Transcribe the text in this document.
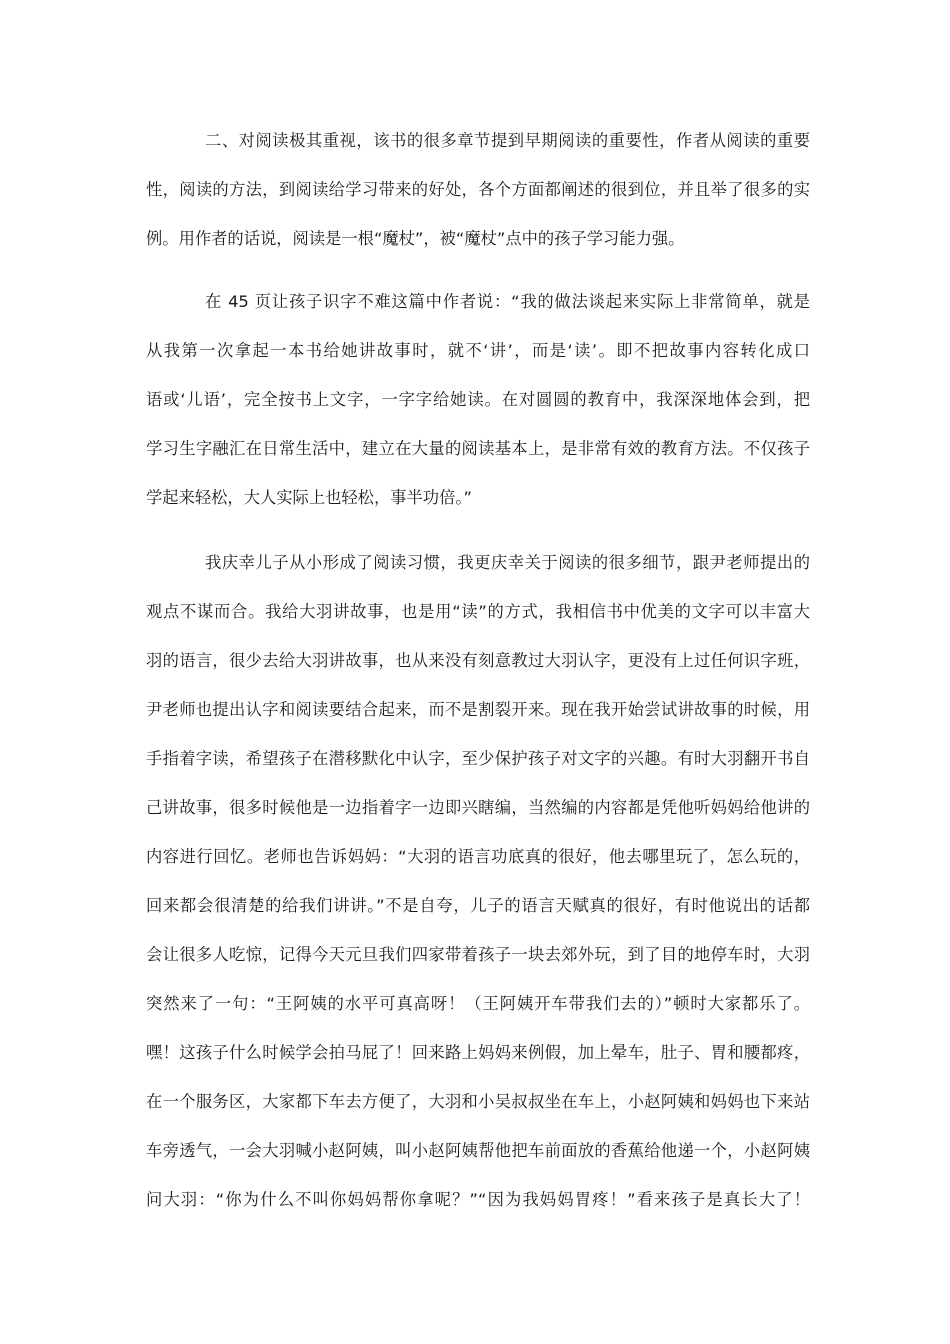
二、对阅读极其重视，该书的很多章节提到早期阅读的重要性，作者从阅读的重要
性，阅读的方法，到阅读给学习带来的好处，各个方面都阐述的很到位，并且举了很多的实
例。用作者的话说，阅读是一根“魔杖”，被“魔杖”点中的孩子学习能力强。
在 45 页让孩子识字不难这篇中作者说：“我的做法谈起来实际上非常简单，就是
从我第一次拿起一本书给她讲故事时，就不‘讲’，而是‘读’。即不把故事内容转化成口
语或‘儿语’，完全按书上文字，一字字给她读。在对圆圆的教育中，我深深地体会到，把
学习生字融汇在日常生活中，建立在大量的阅读基本上，是非常有效的教育方法。不仅孩子
学起来轻松，大人实际上也轻松，事半功倍。”
我庆幸儿子从小形成了阅读习惯，我更庆幸关于阅读的很多细节，跟尹老师提出的
观点不谋而合。我给大羽讲故事，也是用“读”的方式，我相信书中优美的文字可以丰富大
羽的语言，很少去给大羽讲故事，也从来没有刻意教过大羽认字，更没有上过任何识字班，
尹老师也提出认字和阅读要结合起来，而不是割裂开来。现在我开始尝试讲故事的时候，用
手指着字读，希望孩子在潜移默化中认字，至少保护孩子对文字的兴趣。有时大羽翻开书自
己讲故事，很多时候他是一边指着字一边即兴瞎编，当然编的内容都是凭他听妈妈给他讲的
内容进行回忆。老师也告诉妈妈：“大羽的语言功底真的很好，他去哪里玩了，怎么玩的，
回来都会很清楚的给我们讲讲。”不是自夸，儿子的语言天赋真的很好，有时他说出的话都
会让很多人吃惊，记得今天元旦我们四家带着孩子一块去郊外玩，到了目的地停车时，大羽
突然来了一句：“王阿姨的水平可真高呀！（王阿姨开车带我们去的）”顿时大家都乐了。
嘿！这孩子什么时候学会拍马屁了！回来路上妈妈来例假，加上晕车，肚子、胃和腰都疼，
在一个服务区，大家都下车去方便了，大羽和小吴叔叔坐在车上，小赵阿姨和妈妈也下来站
车旁透气，一会大羽喊小赵阿姨，叫小赵阿姨帮他把车前面放的香蕉给他递一个，小赵阿姨
问大羽：“你为什么不叫你妈妈帮你拿呢？”“因为我妈妈胃疼！”看来孩子是真长大了！
